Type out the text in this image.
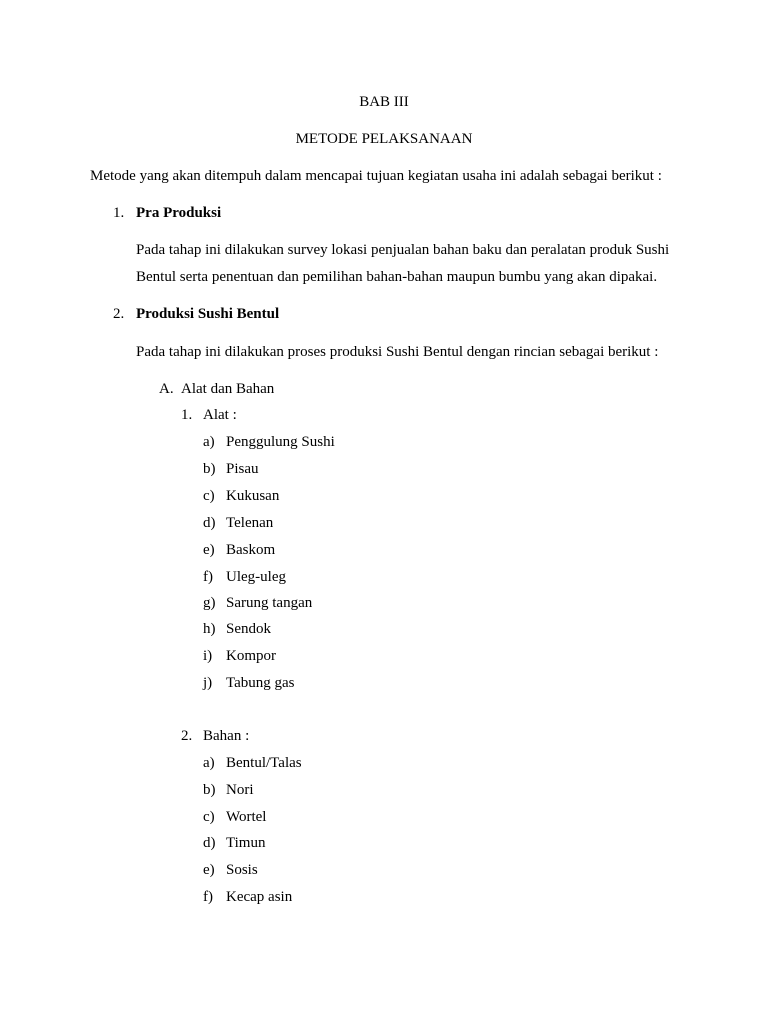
BAB III
METODE PELAKSANAAN
Metode yang akan ditempuh dalam mencapai tujuan kegiatan usaha ini adalah sebagai berikut :
1. Pra Produksi
Pada tahap ini dilakukan survey lokasi penjualan bahan baku dan peralatan produk Sushi
Bentul serta penentuan dan pemilihan bahan-bahan maupun bumbu yang akan dipakai.
2. Produksi Sushi Bentul
Pada tahap ini dilakukan proses produksi Sushi Bentul dengan rincian sebagai berikut :
A. Alat dan Bahan
1. Alat :
a) Penggulung Sushi
b) Pisau
c) Kukusan
d) Telenan
e) Baskom
f) Uleg-uleg
g) Sarung tangan
h) Sendok
i) Kompor
j) Tabung gas
2. Bahan :
a) Bentul/Talas
b) Nori
c) Wortel
d) Timun
e) Sosis
f) Kecap asin
